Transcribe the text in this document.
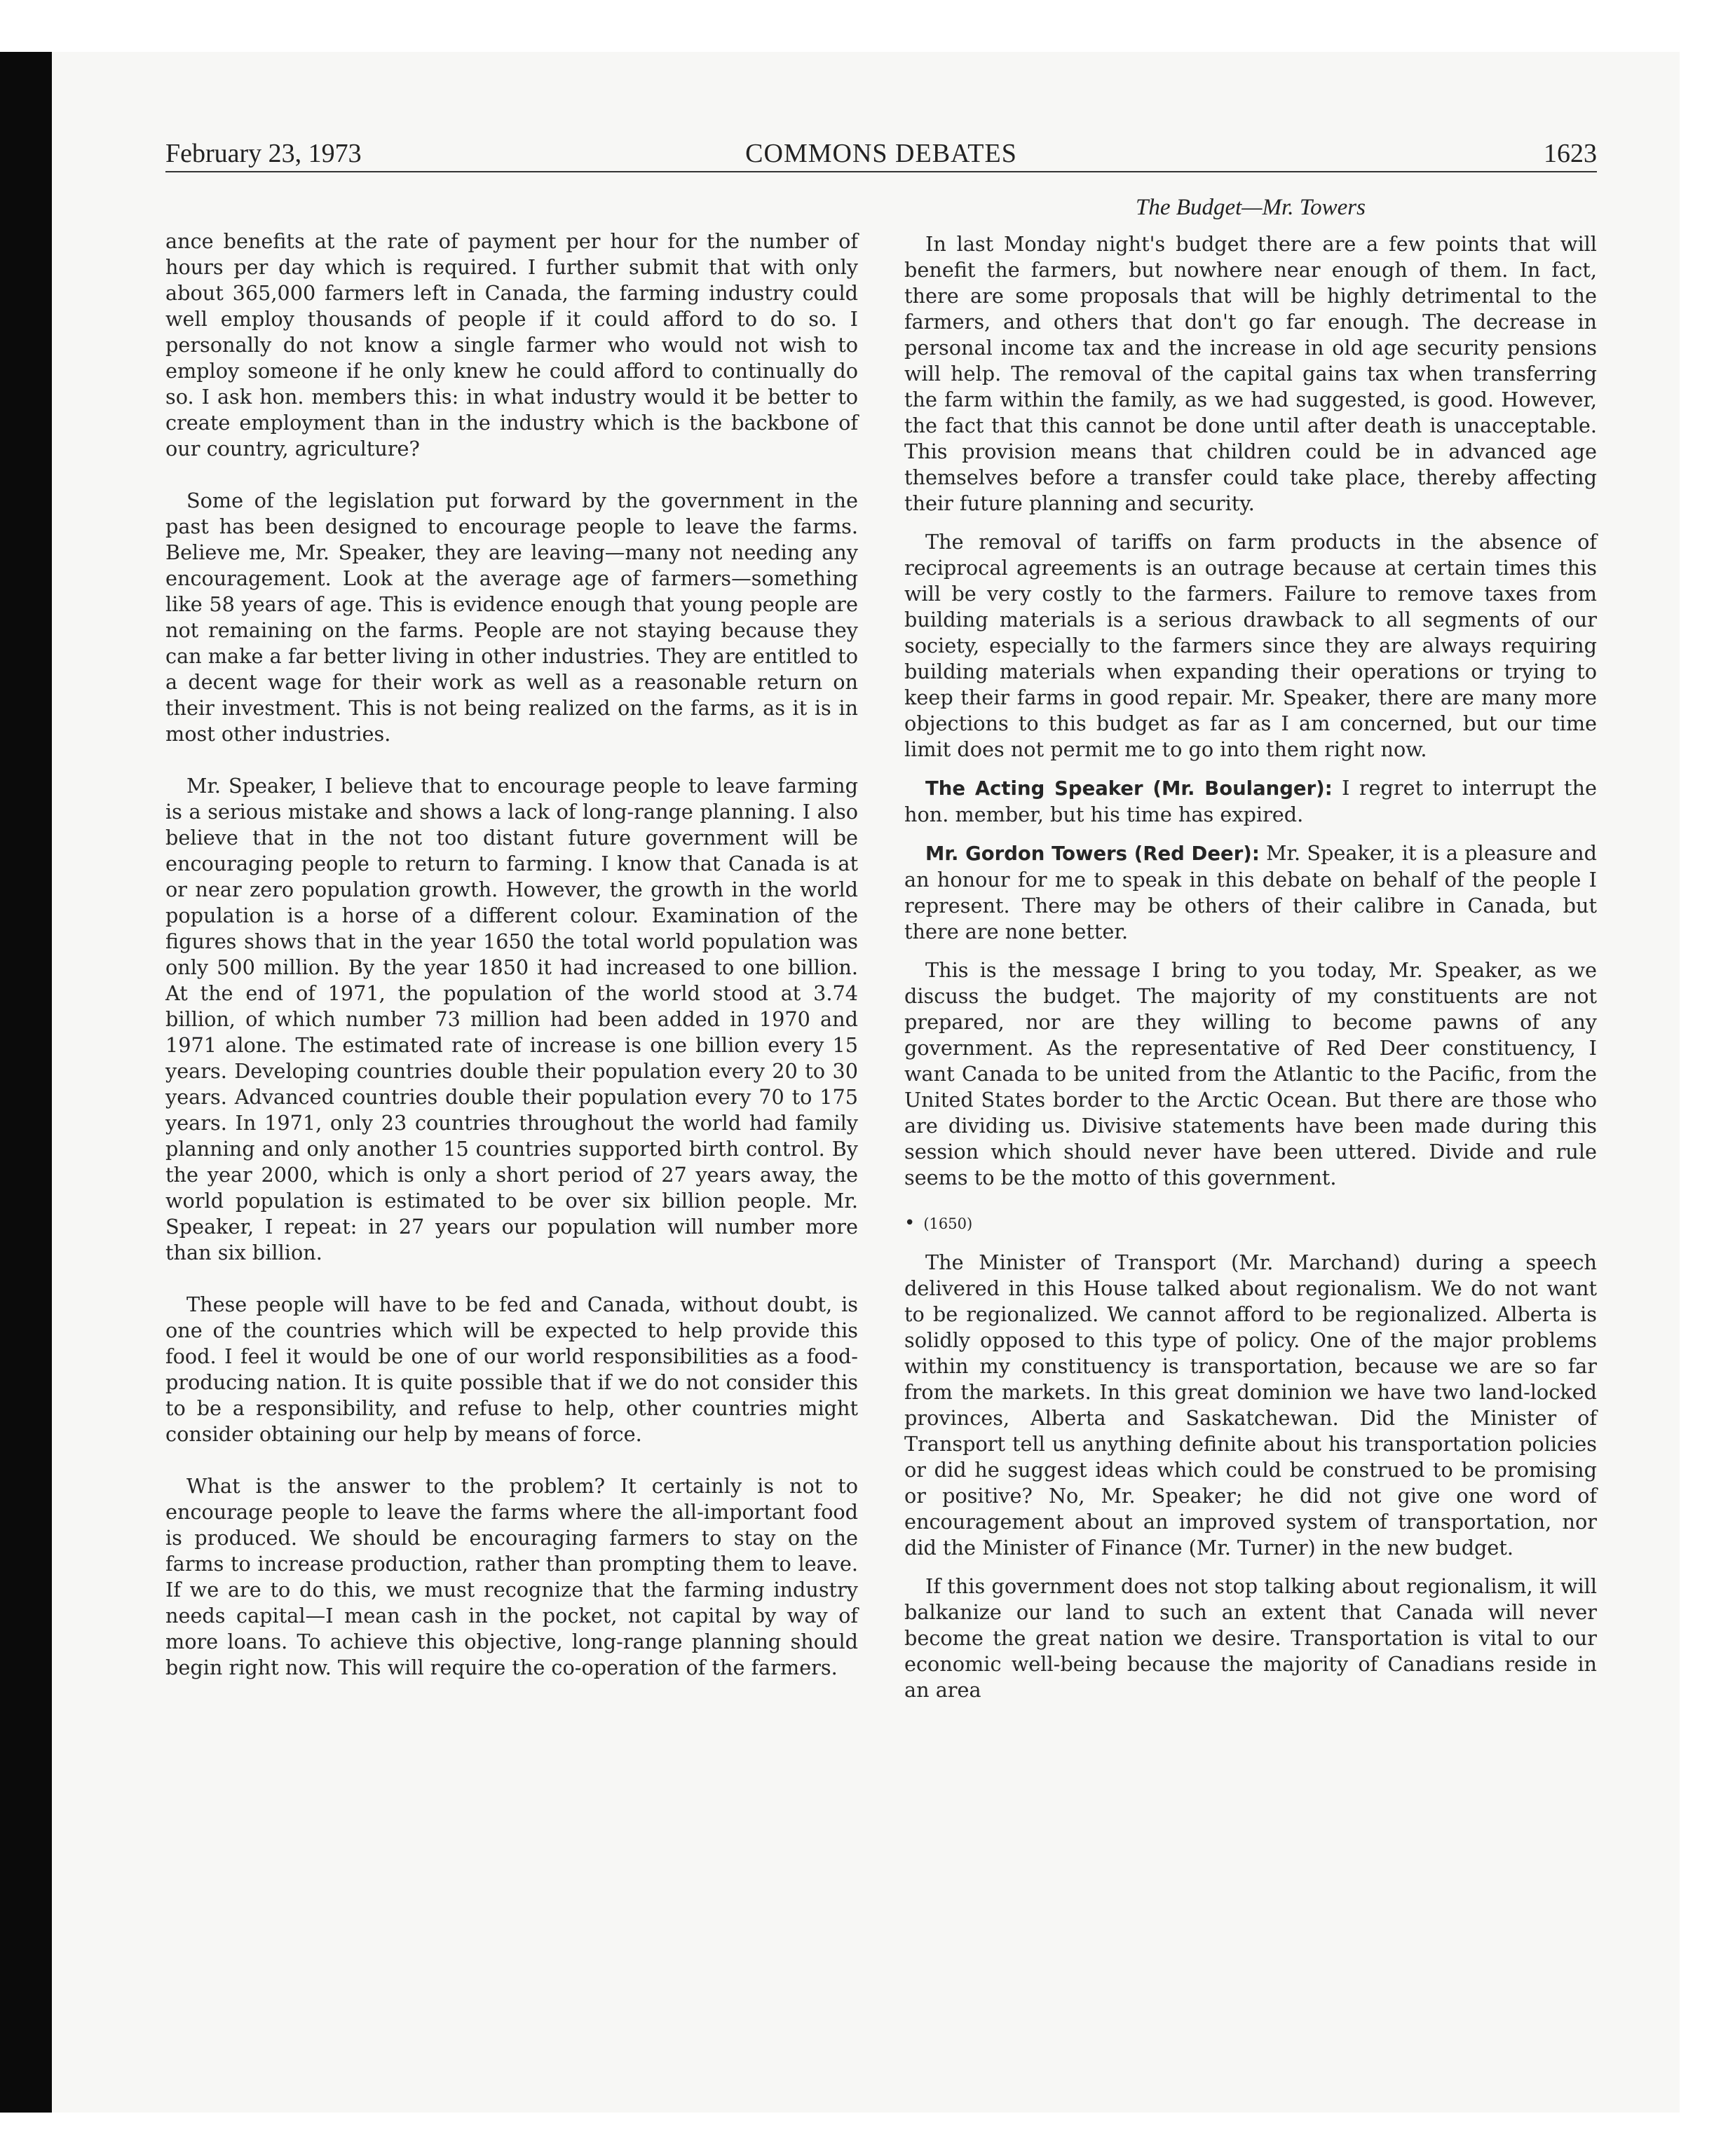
February 23, 1973	COMMONS DEBATES	1623
The Budget—Mr. Towers

ance benefits at the rate of payment per hour for the number of hours per day which is required. I further submit that with only about 365,000 farmers left in Canada, the farming industry could well employ thousands of people if it could afford to do so. I personally do not know a single farmer who would not wish to employ someone if he only knew he could afford to continually do so. I ask hon. members this: in what industry would it be better to create employment than in the industry which is the backbone of our country, agriculture?

Some of the legislation put forward by the government in the past has been designed to encourage people to leave the farms. Believe me, Mr. Speaker, they are leaving—many not needing any encouragement. Look at the average age of farmers—something like 58 years of age. This is evidence enough that young people are not remaining on the farms. People are not staying because they can make a far better living in other industries. They are entitled to a decent wage for their work as well as a reasonable return on their investment. This is not being realized on the farms, as it is in most other industries.

Mr. Speaker, I believe that to encourage people to leave farming is a serious mistake and shows a lack of long-range planning. I also believe that in the not too distant future government will be encouraging people to return to farming. I know that Canada is at or near zero population growth. However, the growth in the world population is a horse of a different colour. Examination of the figures shows that in the year 1650 the total world population was only 500 million. By the year 1850 it had increased to one billion. At the end of 1971, the population of the world stood at 3.74 billion, of which number 73 million had been added in 1970 and 1971 alone. The estimated rate of increase is one billion every 15 years. Developing countries double their population every 20 to 30 years. Advanced countries double their population every 70 to 175 years. In 1971, only 23 countries throughout the world had family planning and only another 15 countries supported birth control. By the year 2000, which is only a short period of 27 years away, the world population is estimated to be over six billion people. Mr. Speaker, I repeat: in 27 years our population will number more than six billion.

These people will have to be fed and Canada, without doubt, is one of the countries which will be expected to help provide this food. I feel it would be one of our world responsibilities as a food-producing nation. It is quite possible that if we do not consider this to be a responsibility, and refuse to help, other countries might consider obtaining our help by means of force.

What is the answer to the problem? It certainly is not to encourage people to leave the farms where the all-important food is produced. We should be encouraging farmers to stay on the farms to increase production, rather than prompting them to leave. If we are to do this, we must recognize that the farming industry needs capital—I mean cash in the pocket, not capital by way of more loans. To achieve this objective, long-range planning should begin right now. This will require the co-operation of the farmers.

In last Monday night's budget there are a few points that will benefit the farmers, but nowhere near enough of them. In fact, there are some proposals that will be highly detrimental to the farmers, and others that don't go far enough. The decrease in personal income tax and the increase in old age security pensions will help. The removal of the capital gains tax when transferring the farm within the family, as we had suggested, is good. However, the fact that this cannot be done until after death is unacceptable. This provision means that children could be in advanced age themselves before a transfer could take place, thereby affecting their future planning and security.

The removal of tariffs on farm products in the absence of reciprocal agreements is an outrage because at certain times this will be very costly to the farmers. Failure to remove taxes from building materials is a serious drawback to all segments of our society, especially to the farmers since they are always requiring building materials when expanding their operations or trying to keep their farms in good repair. Mr. Speaker, there are many more objections to this budget as far as I am concerned, but our time limit does not permit me to go into them right now.

The Acting Speaker (Mr. Boulanger): I regret to interrupt the hon. member, but his time has expired.

Mr. Gordon Towers (Red Deer): Mr. Speaker, it is a pleasure and an honour for me to speak in this debate on behalf of the people I represent. There may be others of their calibre in Canada, but there are none better.

This is the message I bring to you today, Mr. Speaker, as we discuss the budget. The majority of my constituents are not prepared, nor are they willing to become pawns of any government. As the representative of Red Deer constituency, I want Canada to be united from the Atlantic to the Pacific, from the United States border to the Arctic Ocean. But there are those who are dividing us. Divisive statements have been made during this session which should never have been uttered. Divide and rule seems to be the motto of this government.

• (1650)

The Minister of Transport (Mr. Marchand) during a speech delivered in this House talked about regionalism. We do not want to be regionalized. We cannot afford to be regionalized. Alberta is solidly opposed to this type of policy. One of the major problems within my constituency is transportation, because we are so far from the markets. In this great dominion we have two land-locked provinces, Alberta and Saskatchewan. Did the Minister of Transport tell us anything definite about his transportation policies or did he suggest ideas which could be construed to be promising or positive? No, Mr. Speaker; he did not give one word of encouragement about an improved system of transportation, nor did the Minister of Finance (Mr. Turner) in the new budget.

If this government does not stop talking about regionalism, it will balkanize our land to such an extent that Canada will never become the great nation we desire. Transportation is vital to our economic well-being because the majority of Canadians reside in an area
